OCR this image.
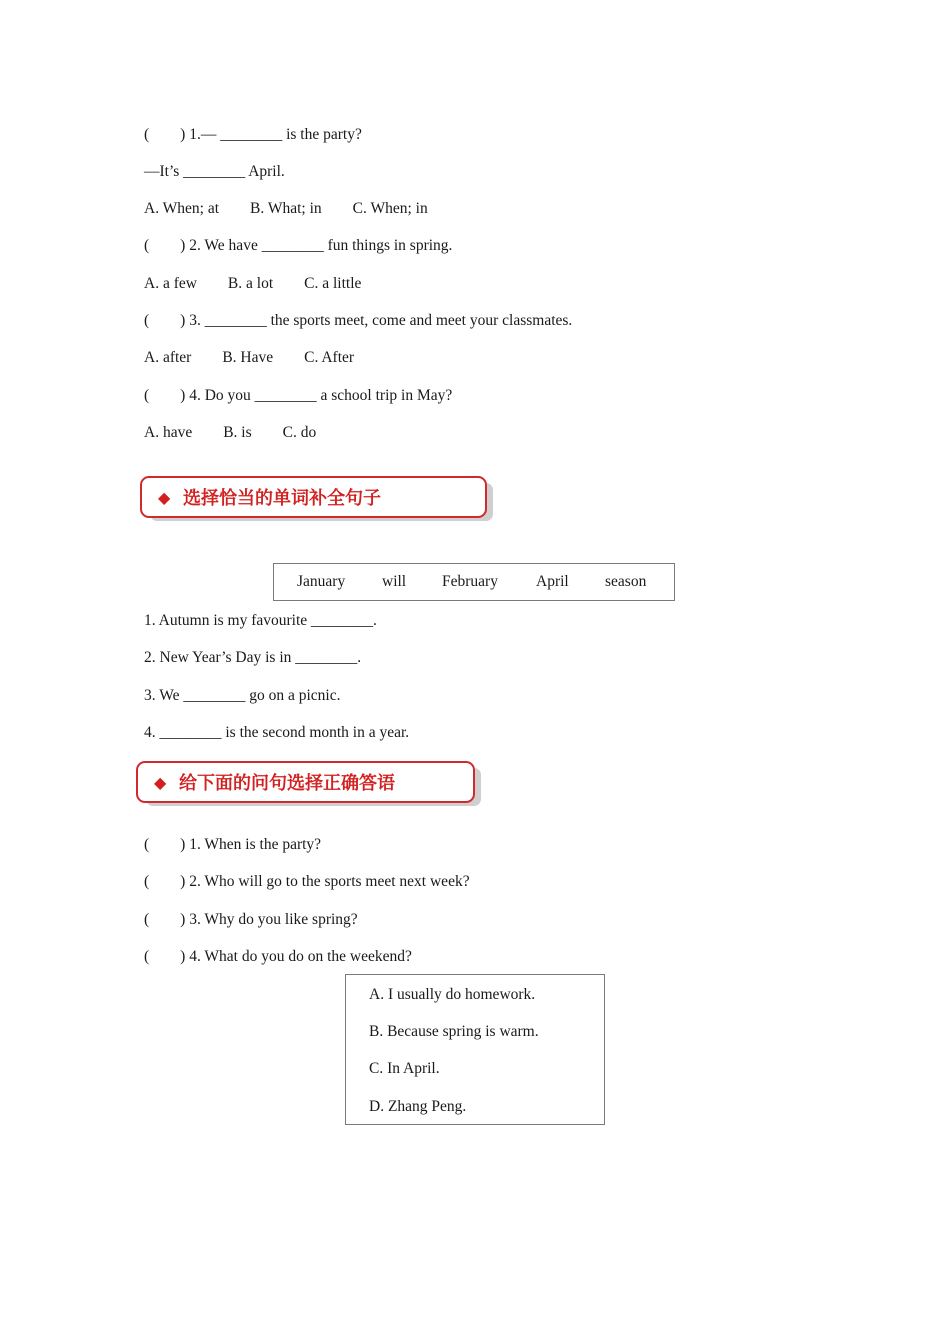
(        ) 1.— ________ is the party?
—It’s ________ April.
A. When; at        B. What; in        C. When; in
(        ) 2. We have ________ fun things in spring.
A. a few        B. a lot        C. a little
(        ) 3. ________ the sports meet, come and meet your classmates.
A. after        B. Have        C. After
(        ) 4. Do you ________ a school trip in May?
A. have        B. is        C. do
◆ 选择恰当的单词补全句子
January will February April season
1. Autumn is my favourite ________.
2. New Year’s Day is in ________.
3. We ________ go on a picnic.
4. ________ is the second month in a year.
◆ 给下面的问句选择正确答语
(        ) 1. When is the party?
(        ) 2. Who will go to the sports meet next week?
(        ) 3. Why do you like spring?
(        ) 4. What do you do on the weekend?
A. I usually do homework.
B. Because spring is warm.
C. In April.
D. Zhang Peng.
